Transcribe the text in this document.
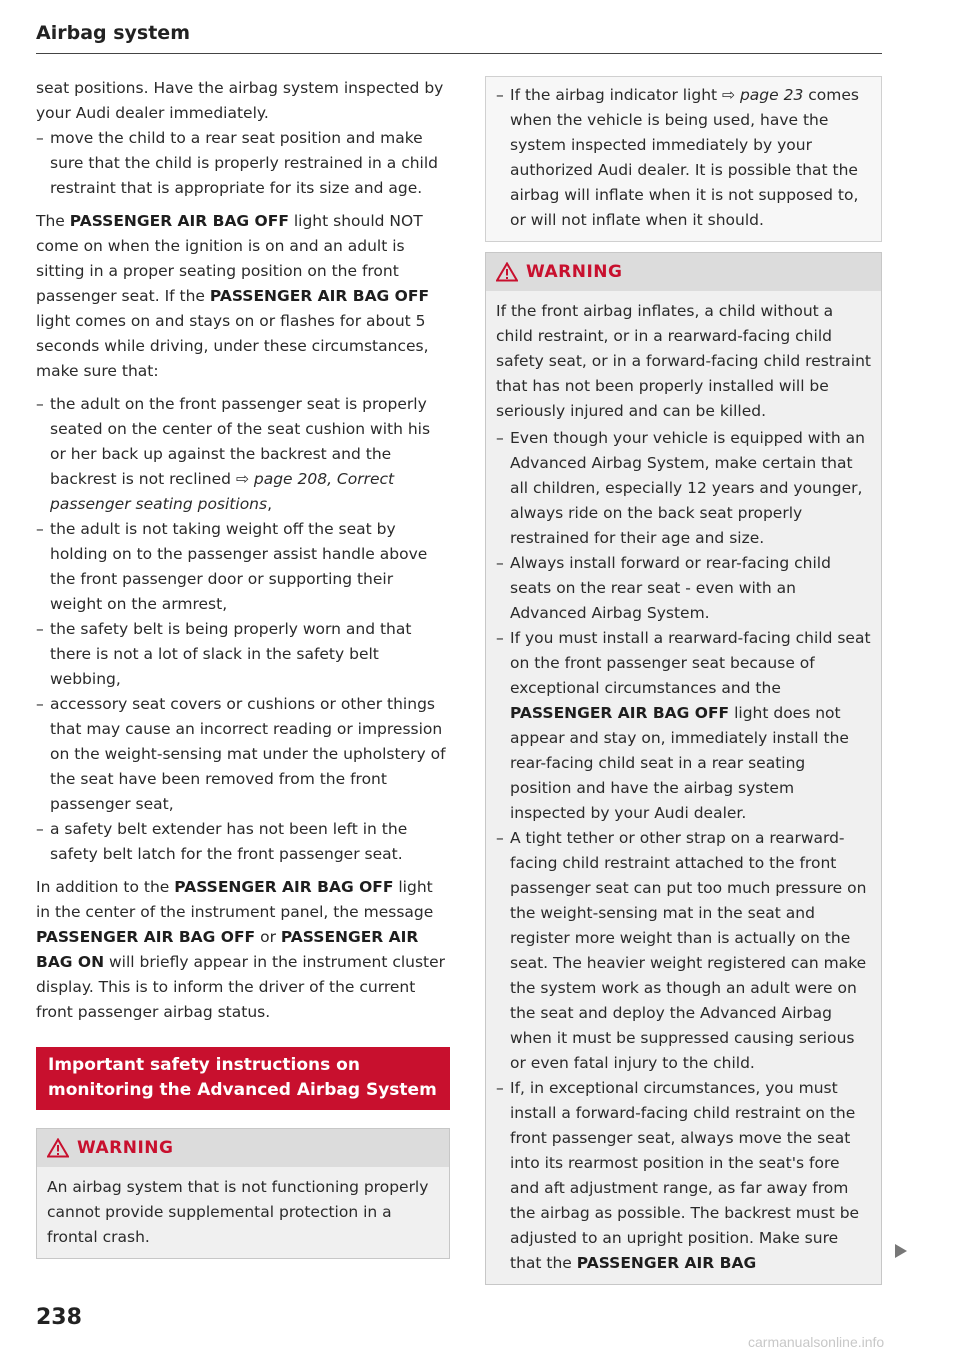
Airbag system
seat positions. Have the airbag system inspected by your Audi dealer immediately.
– move the child to a rear seat position and make sure that the child is properly restrained in a child restraint that is appropriate for its size and age.

The PASSENGER AIR BAG OFF light should NOT come on when the ignition is on and an adult is sitting in a proper seating position on the front passenger seat. If the PASSENGER AIR BAG OFF light comes on and stays on or flashes for about 5 seconds while driving, under these circumstances, make sure that:

– the adult on the front passenger seat is properly seated on the center of the seat cushion with his or her back up against the backrest and the backrest is not reclined ⇨ page 208, Correct passenger seating positions,
– the adult is not taking weight off the seat by holding on to the passenger assist handle above the front passenger door or supporting their weight on the armrest,
– the safety belt is being properly worn and that there is not a lot of slack in the safety belt webbing,
– accessory seat covers or cushions or other things that may cause an incorrect reading or impression on the weight-sensing mat under the upholstery of the seat have been removed from the front passenger seat,
– a safety belt extender has not been left in the safety belt latch for the front passenger seat.

In addition to the PASSENGER AIR BAG OFF light in the center of the instrument panel, the message PASSENGER AIR BAG OFF or PASSENGER AIR BAG ON will briefly appear in the instrument cluster display. This is to inform the driver of the current front passenger airbag status.

Important safety instructions on monitoring the Advanced Airbag System
WARNING
An airbag system that is not functioning properly cannot provide supplemental protection in a frontal crash.
– If the airbag indicator light ⇨ page 23 comes when the vehicle is being used, have the system inspected immediately by your authorized Audi dealer. It is possible that the airbag will inflate when it is not supposed to, or will not inflate when it should.
WARNING

If the front airbag inflates, a child without a child restraint, or in a rearward-facing child safety seat, or in a forward-facing child restraint that has not been properly installed will be seriously injured and can be killed.

– Even though your vehicle is equipped with an Advanced Airbag System, make certain that all children, especially 12 years and younger, always ride on the back seat properly restrained for their age and size.
– Always install forward or rear-facing child seats on the rear seat - even with an Advanced Airbag System.
– If you must install a rearward-facing child seat on the front passenger seat because of exceptional circumstances and the PASSENGER AIR BAG OFF light does not appear and stay on, immediately install the rear-facing child seat in a rear seating position and have the airbag system inspected by your Audi dealer.
– A tight tether or other strap on a rearward-facing child restraint attached to the front passenger seat can put too much pressure on the weight-sensing mat in the seat and register more weight than is actually on the seat. The heavier weight registered can make the system work as though an adult were on the seat and deploy the Advanced Airbag when it must be suppressed causing serious or even fatal injury to the child.
– If, in exceptional circumstances, you must install a forward-facing child restraint on the front passenger seat, always move the seat into its rearmost position in the seat's fore and aft adjustment range, as far away from the airbag as possible. The backrest must be adjusted to an upright position. Make sure that the PASSENGER AIR BAG
238
carmanualsonline.info
